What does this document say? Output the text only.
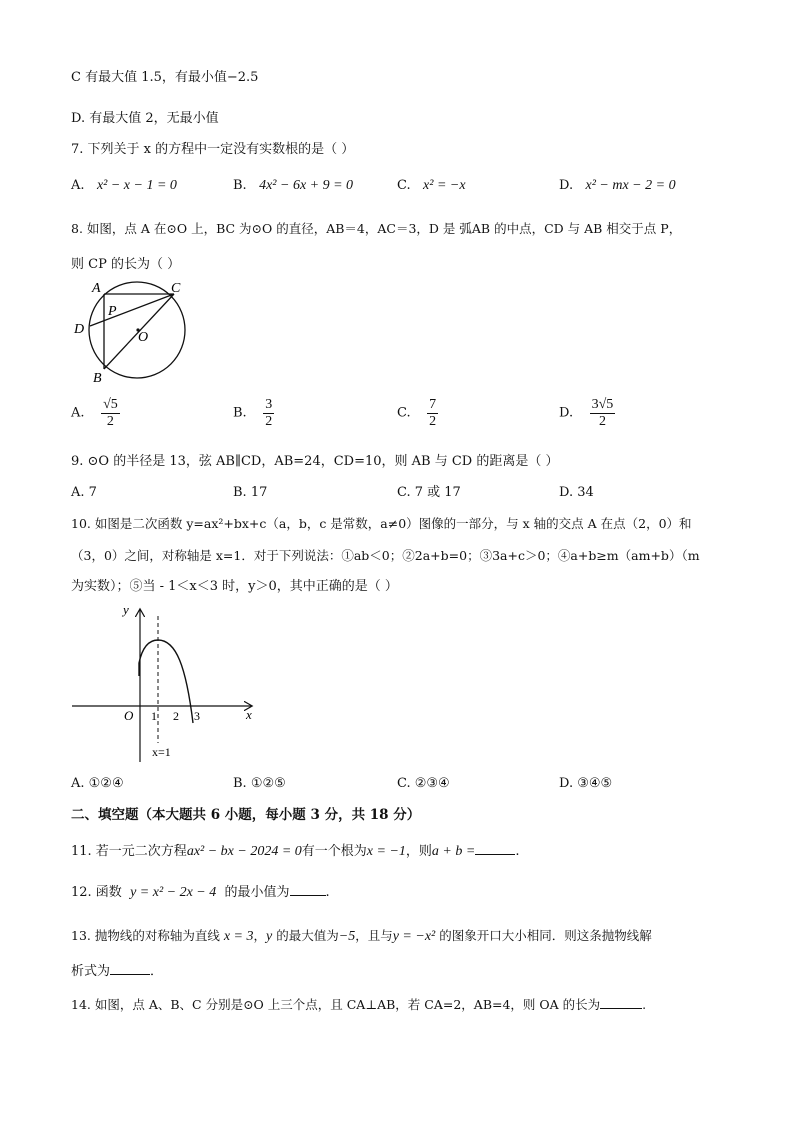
C 有最大值 1.5，有最小值−2.5
D. 有最大值 2，无最小值
7. 下列关于 x 的方程中一定没有实数根的是（ ）
A. x² − x − 1 = 0	B. 4x² − 6x + 9 = 0	C. x² = −x	D. x² − mx − 2 = 0
8. 如图，点 A 在⊙O 上，BC 为⊙O 的直径，AB＝4，AC＝3，D 是 弧AB 的中点，CD 与 AB 相交于点 P，
则 CP 的长为（ ）
A	C
P
D
O
B
A. $\frac{√5}{2}$	B. $\frac{3}{2}$	C. $\frac{7}{2}$	D. $\frac{3√5}{2}$
9. ⊙O 的半径是 13，弦 AB∥CD，AB=24，CD=10，则 AB 与 CD 的距离是（ ）
A. 7	B. 17	C. 7 或 17	D. 34
10. 如图是二次函数 y=ax²+bx+c（a，b，c 是常数，a≠0）图像的一部分，与 x 轴的交点 A 在点（2，0）和
（3，0）之间，对称轴是 x=1．对于下列说法：①ab＜0；②2a+b=0；③3a+c＞0；④a+b≥m（am+b）（m
为实数）；⑤当 - 1＜x＜3 时，y＞0，其中正确的是（ ）
y
x
O 1 2 3
x=1
A. ①②④	B. ①②⑤	C. ②③④	D. ③④⑤
二、填空题（本大题共 6 小题，每小题 3 分，共 18 分）
11. 若一元二次方程ax² − bx − 2024 = 0有一个根为x = −1，则a + b =	.
12. 函数 y = x² − 2x − 4 的最小值为	.
13. 抛物线的对称轴为直线 x = 3，y 的最大值为−5，且与y = −x² 的图象开口大小相同．则这条抛物线解
析式为	．
14. 如图，点 A、B、C 分别是⊙O 上三个点，且 CA⊥AB，若 CA=2，AB=4，则 OA 的长为	.
